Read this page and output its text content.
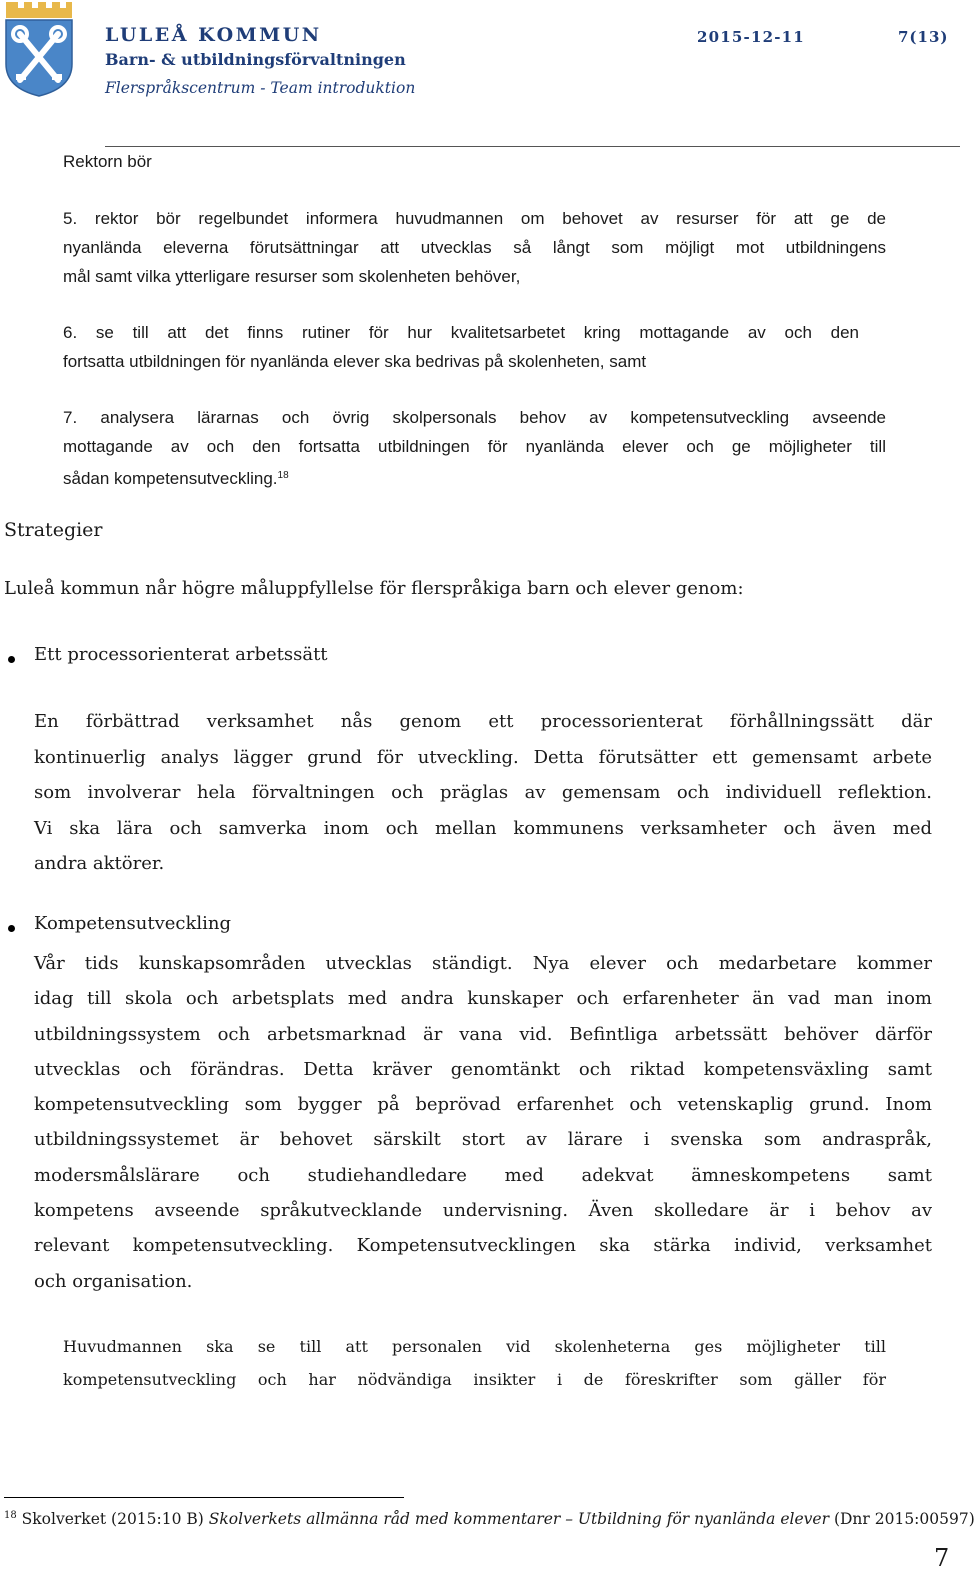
LULEÅ KOMMUN
Barn- & utbildningsförvaltningen
Flerspråkscentrum - Team introduktion
2015-12-11	7(13)
Rektorn bör
5. rektor bör regelbundet informera huvudmannen om behovet av resurser för att ge de
nyanlända eleverna förutsättningar att utvecklas så långt som möjligt mot utbildningens
mål samt vilka ytterligare resurser som skolenheten behöver,
6. se till att det finns rutiner för hur kvalitetsarbetet kring mottagande av och den
fortsatta utbildningen för nyanlända elever ska bedrivas på skolenheten, samt
7. analysera lärarnas och övrig skolpersonals behov av kompetensutveckling avseende
mottagande av och den fortsatta utbildningen för nyanlända elever och ge möjligheter till
sådan kompetensutveckling.$^{18}$
Strategier
Luleå kommun når högre måluppfyllelse för flerspråkiga barn och elever genom:
Ett processorienterat arbetssätt
En förbättrad verksamhet nås genom ett processorienterat förhållningssätt där
kontinuerlig analys lägger grund för utveckling. Detta förutsätter ett gemensamt arbete
som involverar hela förvaltningen och präglas av gemensam och individuell reflektion.
Vi ska lära och samverka inom och mellan kommunens verksamheter och även med
andra aktörer.
Kompetensutveckling
Vår tids kunskapsområden utvecklas ständigt. Nya elever och medarbetare kommer
idag till skola och arbetsplats med andra kunskaper och erfarenheter än vad man inom
utbildningssystem och arbetsmarknad är vana vid. Befintliga arbetssätt behöver därför
utvecklas och förändras. Detta kräver genomtänkt och riktad kompetensväxling samt
kompetensutveckling som bygger på beprövad erfarenhet och vetenskaplig grund. Inom
utbildningssystemet är behovet särskilt stort av lärare i svenska som andraspråk,
modersmålslärare och studiehandledare med adekvat ämneskompetens samt
kompetens avseende språkutvecklande undervisning. Även skolledare är i behov av
relevant kompetensutveckling. Kompetensutvecklingen ska stärka individ, verksamhet
och organisation.
Huvudmannen ska se till att personalen vid skolenheterna ges möjligheter till
kompetensutveckling och har nödvändiga insikter i de föreskrifter som gäller för
$^{18}$ Skolverket (2015:10 B) Skolverkets allmänna råd med kommentarer – Utbildning för nyanlända elever (Dnr 2015:00597)
7
